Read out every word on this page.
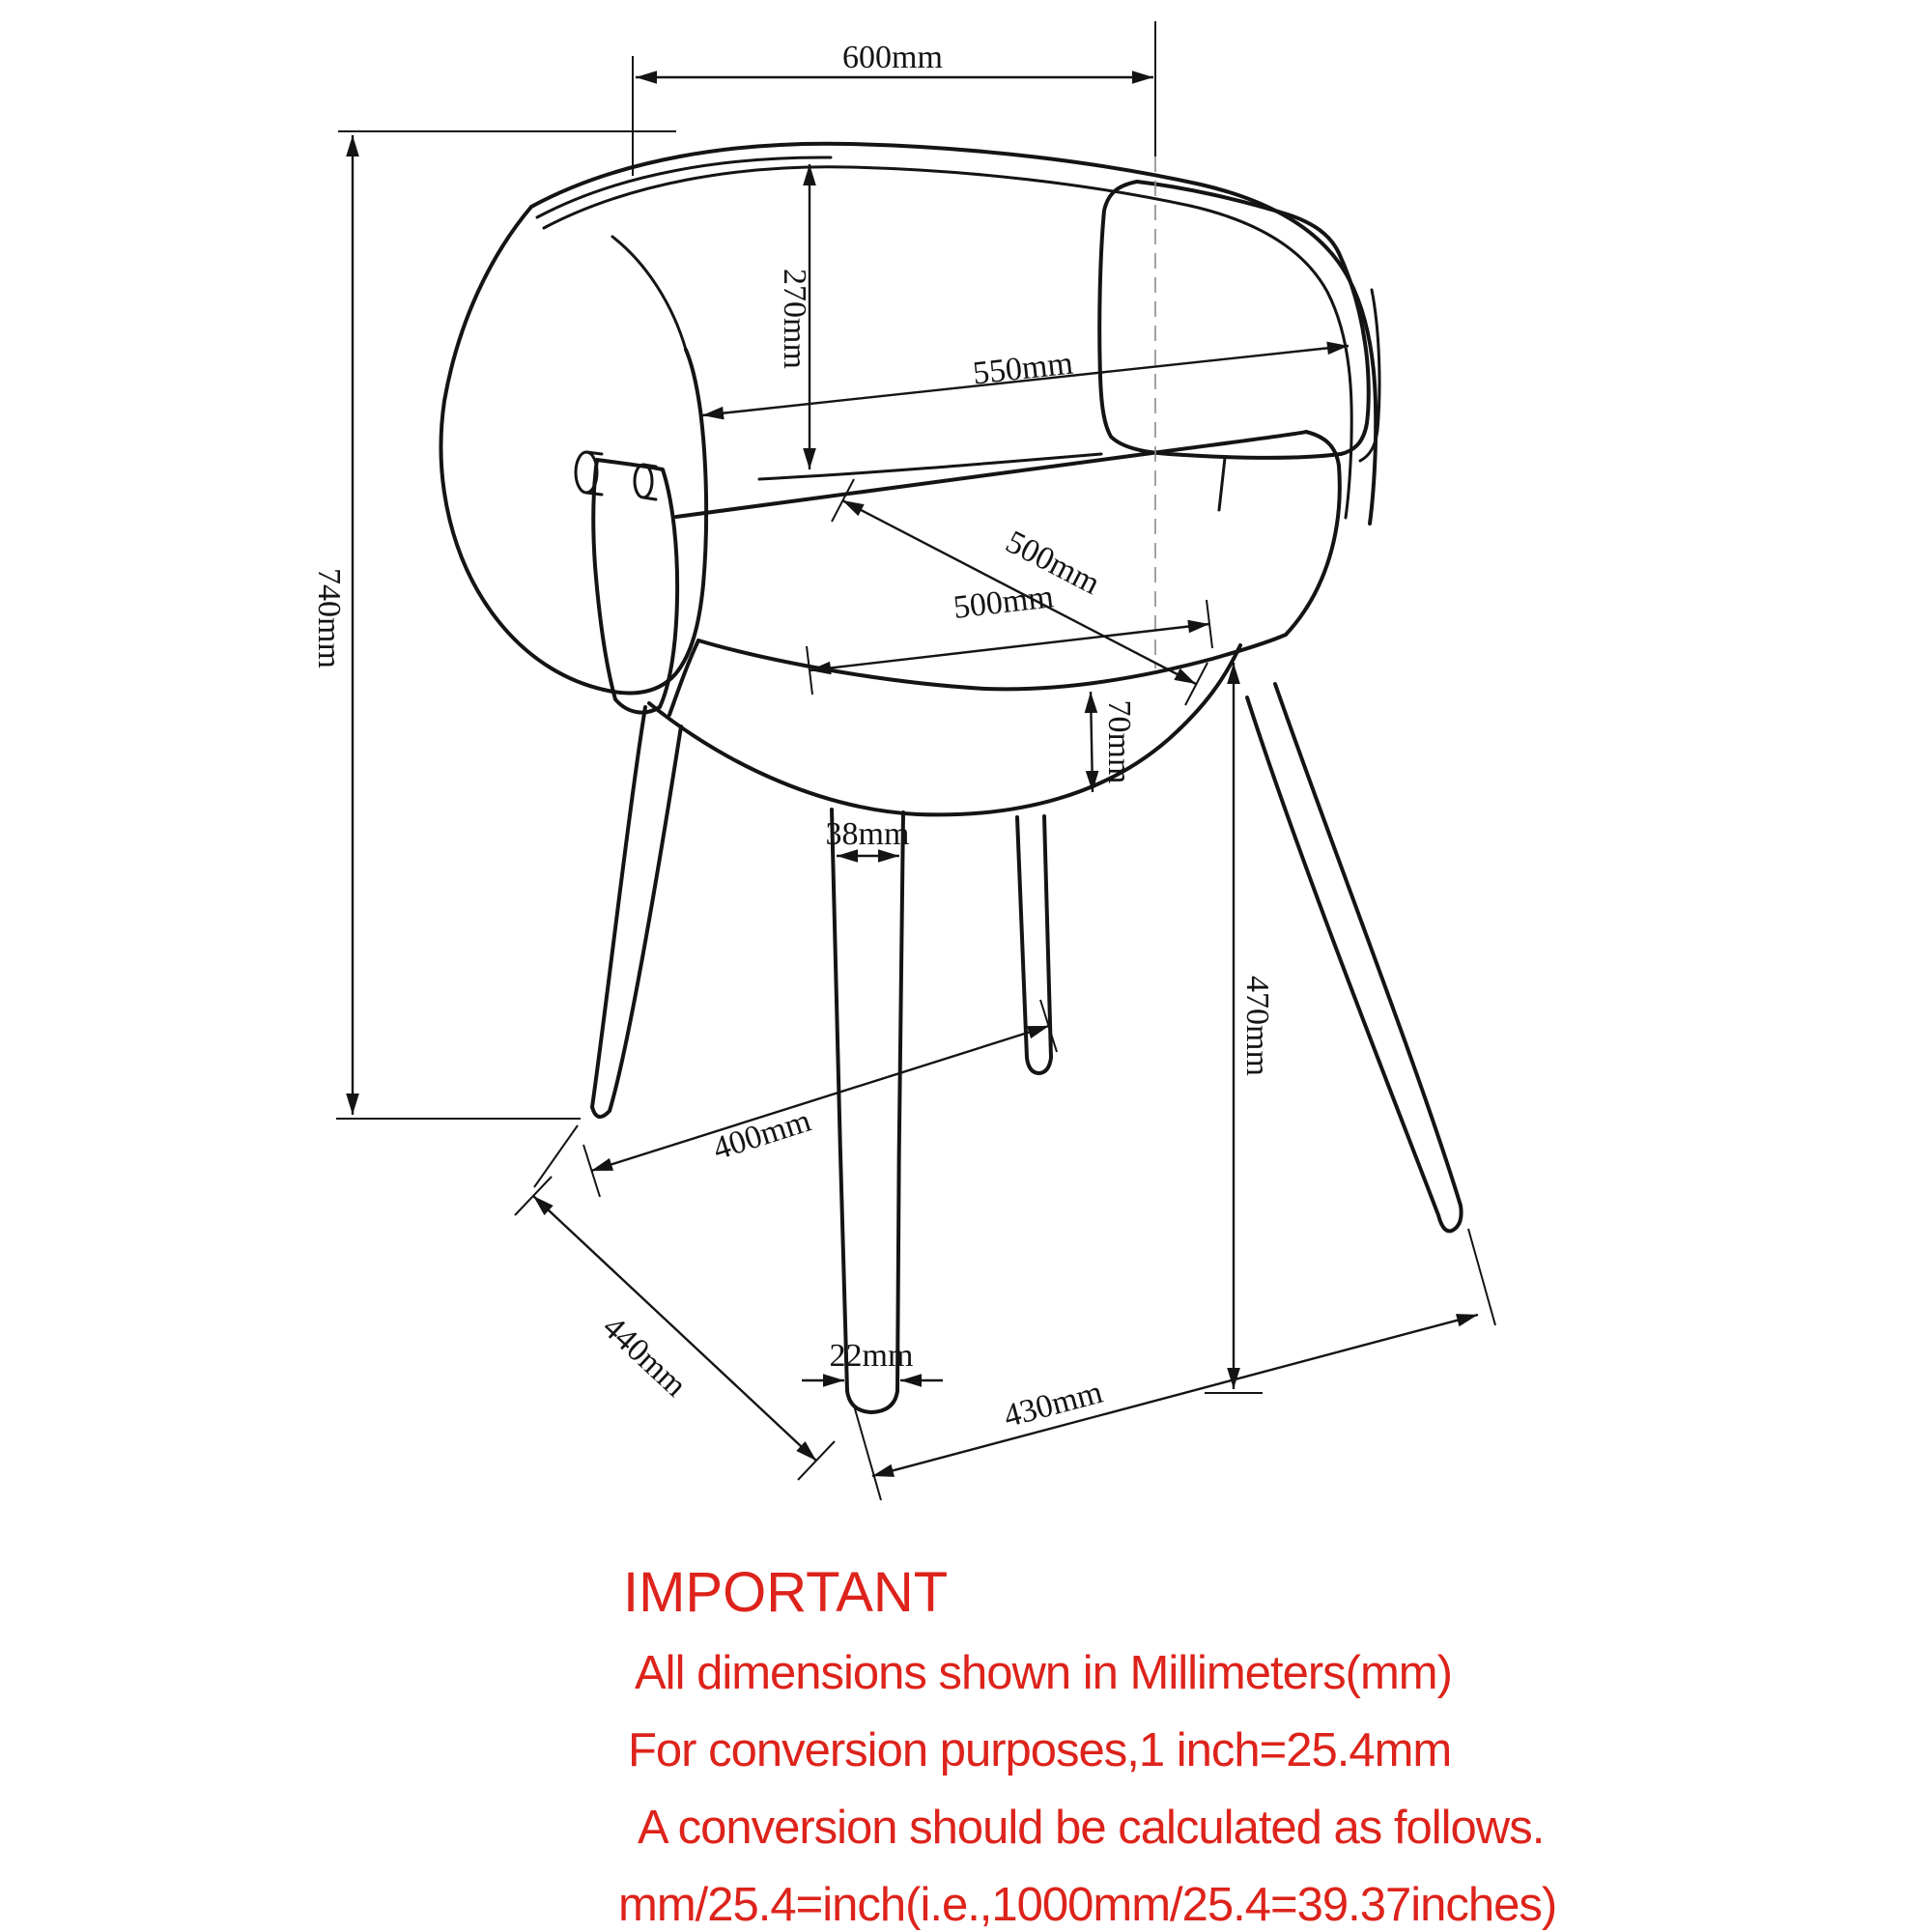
600mm
740mm
270mm	550mm
500mm
500mm
70mm
470mm
38mm
400mm
440mm	22mm
430mm
IMPORTANT
All dimensions shown in Millimeters(mm)
For conversion purposes,1 inch=25.4mm
A conversion should be calculated as follows.
mm/25.4=inch(i.e.,1000mm/25.4=39.37inches)
